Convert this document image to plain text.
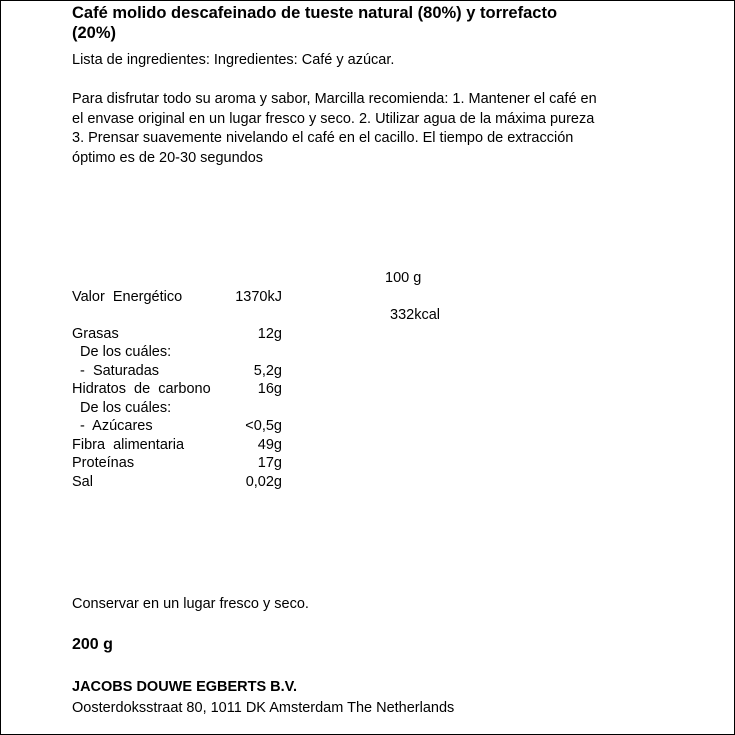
Café molido descafeinado de tueste natural (80%) y torrefacto
(20%)
Lista de ingredientes: Ingredientes: Café y azúcar.
Para disfrutar todo su aroma y sabor, Marcilla recomienda: 1. Mantener el café en
el envase original en un lugar fresco y seco. 2. Utilizar agua de la máxima pureza
3. Prensar suavemente nivelando el café en el cacillo. El tiempo de extracción
óptimo es de 20-30 segundos
100 g
Valor  Energético	1370kJ
332kcal
Grasas	12g
De los cuáles:
-  Saturadas	5,2g
Hidratos  de  carbono	16g
De los cuáles:
-  Azúcares	<0,5g
Fibra  alimentaria	49g
Proteínas	17g
Sal	0,02g
Conservar en un lugar fresco y seco.
200 g
JACOBS DOUWE EGBERTS B.V.
Oosterdoksstraat 80, 1011 DK Amsterdam The Netherlands
